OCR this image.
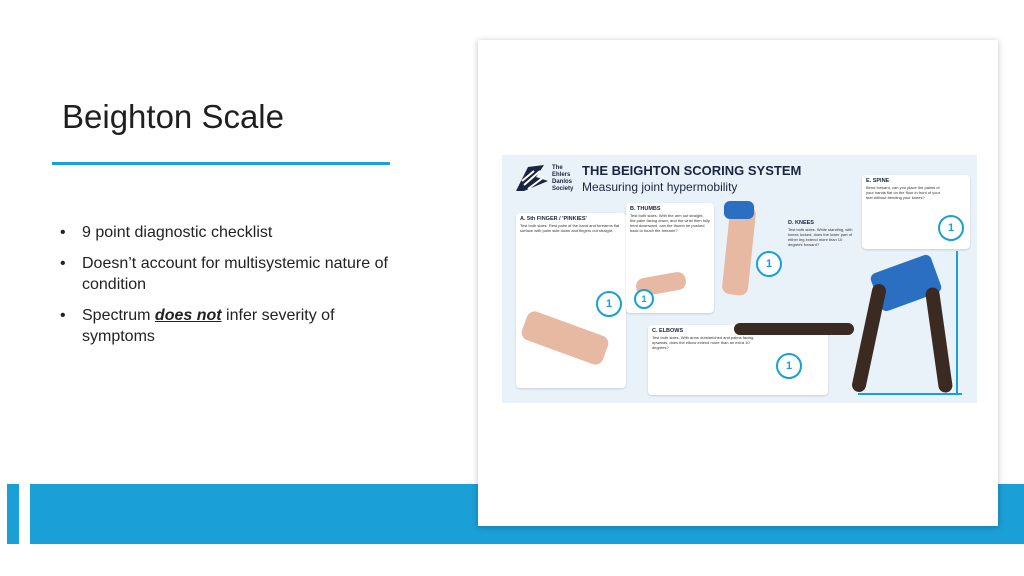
Beighton Scale
• 9 point diagnostic checklist
• Doesn’t account for multisystemic nature of condition
• Spectrum does not infer severity of symptoms
The Ehlers Danlos Society
THE BEIGHTON SCORING SYSTEM
Measuring joint hypermobility
A. 5th FINGER / 'PINKIES'

Test both sides. Rest palm of the hand and forearms flat surface with palm side down and fingers out straight.

1
B. THUMBS

Test both sides. With the arm out straight, the palm facing down, and the wrist then fully bent downward, can the thumb be pushed back to touch the forearm?

1
1
D. KNEES

Test both sides. While standing, with knees locked, does the lower part of either leg extend more than 10 degrees forward?

C. ELBOWS

Test both sides. With arms outstretched and palms facing upwards, does the elbow extend more than an extra 10 degrees?

1
E. SPINE

Bend forward, can you place the palms of your hands flat on the floor in front of your feet without bending your knees?

1
